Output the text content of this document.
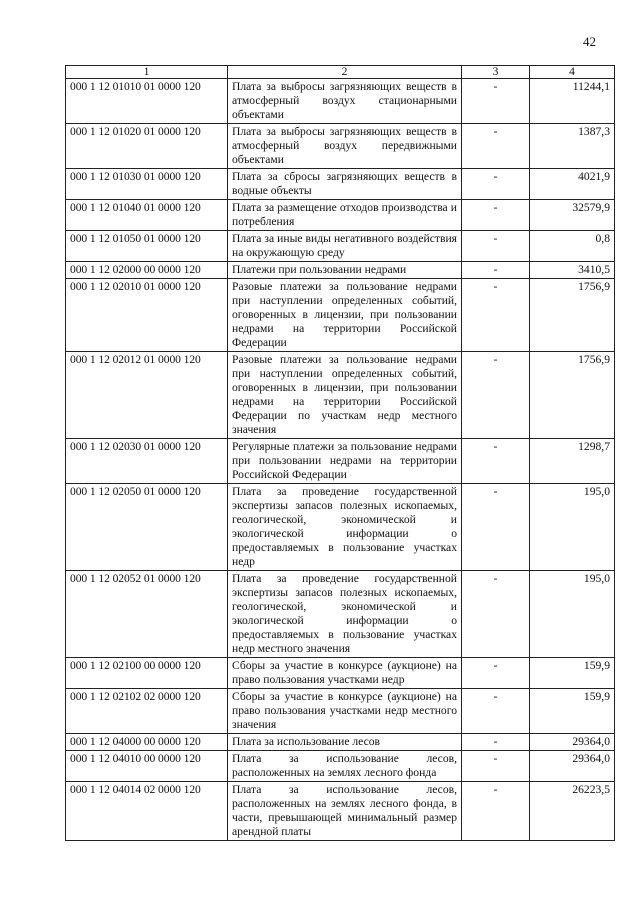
42
1	2	3	4
000 1 12 01010 01 0000 120	Плата за выбросы загрязняющих веществ в атмосферный воздух стационарными объектами	-	11244,1
000 1 12 01020 01 0000 120	Плата за выбросы загрязняющих веществ в атмосферный воздух передвижными объектами	-	1387,3
000 1 12 01030 01 0000 120	Плата за сбросы загрязняющих веществ в водные объекты	-	4021,9
000 1 12 01040 01 0000 120	Плата за размещение отходов производства и потребления	-	32579,9
000 1 12 01050 01 0000 120	Плата за иные виды негативного воздействия на окружающую среду	-	0,8
000 1 12 02000 00 0000 120	Платежи при пользовании недрами	-	3410,5
000 1 12 02010 01 0000 120	Разовые платежи за пользование недрами при наступлении определенных событий, оговоренных в лицензии, при пользовании недрами на территории Российской Федерации	-	1756,9
000 1 12 02012 01 0000 120	Разовые платежи за пользование недрами при наступлении определенных событий, оговоренных в лицензии, при пользовании недрами на территории Российской Федерации по участкам недр местного значения	-	1756,9
000 1 12 02030 01 0000 120	Регулярные платежи за пользование недрами при пользовании недрами на территории Российской Федерации	-	1298,7
000 1 12 02050 01 0000 120	Плата за проведение государственной экспертизы запасов полезных ископаемых, геологической, экономической и экологической информации о предоставляемых в пользование участках недр	-	195,0
000 1 12 02052 01 0000 120	Плата за проведение государственной экспертизы запасов полезных ископаемых, геологической, экономической и экологической информации о предоставляемых в пользование участках недр местного значения	-	195,0
000 1 12 02100 00 0000 120	Сборы за участие в конкурсе (аукционе) на право пользования участками недр	-	159,9
000 1 12 02102 02 0000 120	Сборы за участие в конкурсе (аукционе) на право пользования участками недр местного значения	-	159,9
000 1 12 04000 00 0000 120	Плата за использование лесов	-	29364,0
000 1 12 04010 00 0000 120	Плата за использование лесов, расположенных на землях лесного фонда	-	29364,0
000 1 12 04014 02 0000 120	Плата за использование лесов, расположенных на землях лесного фонда, в части, превышающей минимальный размер арендной платы	-	26223,5
